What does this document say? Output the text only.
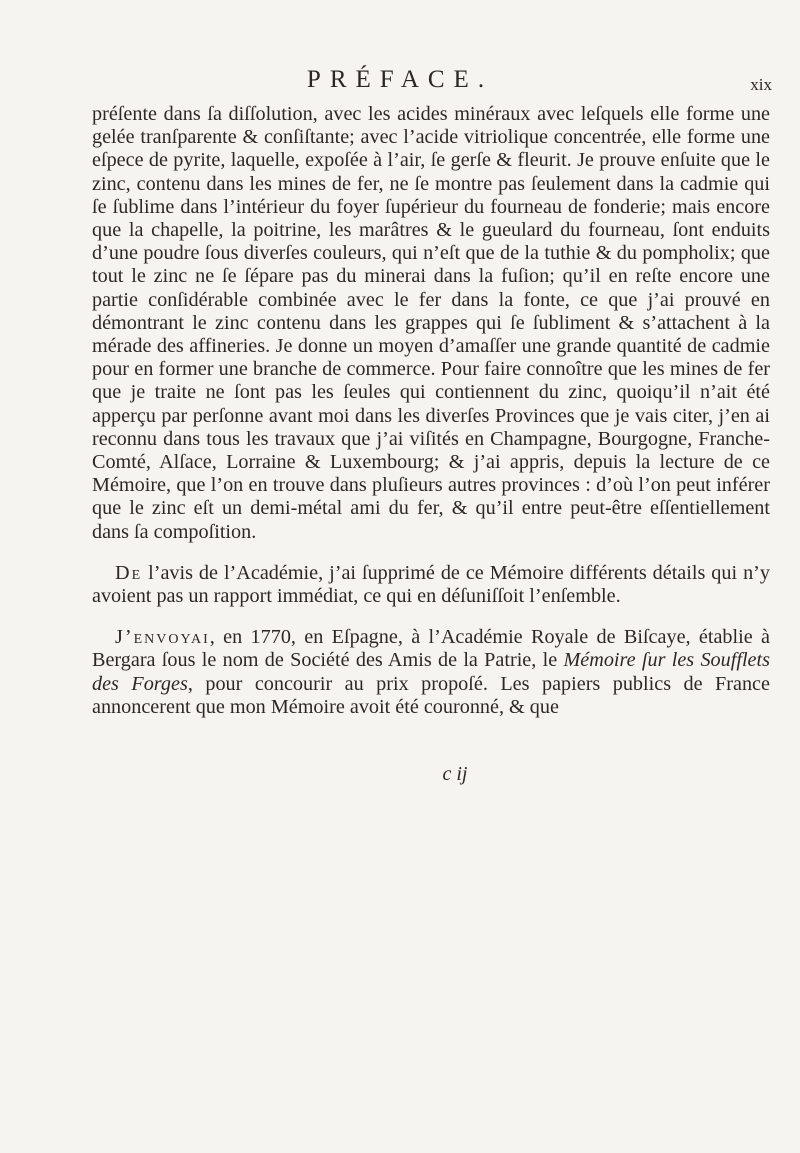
PRÉFACE.	xix

préſente dans ſa diſſolution, avec les acides minéraux avec leſquels elle forme une gelée tranſparente & conſiſtante; avec l’acide vitriolique concentrée, elle forme une eſpece de pyrite, laquelle, expoſée à l’air, ſe gerſe & fleurit. Je prouve enſuite que le zinc, contenu dans les mines de fer, ne ſe montre pas ſeulement dans la cadmie qui ſe ſublime dans l’intérieur du foyer ſupérieur du fourneau de fonderie; mais encore que la chapelle, la poitrine, les marâtres & le gueulard du fourneau, ſont enduits d’une poudre ſous diverſes couleurs, qui n’eſt que de la tuthie & du pompholix; que tout le zinc ne ſe ſépare pas du minerai dans la fuſion; qu’il en reſte encore une partie conſidérable combinée avec le fer dans la fonte, ce que j’ai prouvé en démontrant le zinc contenu dans les grappes qui ſe ſubliment & s’attachent à la mérade des affineries. Je donne un moyen d’amaſſer une grande quantité de cadmie pour en former une branche de commerce. Pour faire connoître que les mines de fer que je traite ne ſont pas les ſeules qui contiennent du zinc, quoiqu’il n’ait été apperçu par perſonne avant moi dans les diverſes Provinces que je vais citer, j’en ai reconnu dans tous les travaux que j’ai viſités en Champagne, Bourgogne, Franche-Comté, Alſace, Lorraine & Luxembourg; & j’ai appris, depuis la lecture de ce Mémoire, que l’on en trouve dans pluſieurs autres provinces : d’où l’on peut inférer que le zinc eſt un demi-métal ami du fer, & qu’il entre peut-être eſſentiellement dans ſa compoſition.

De l’avis de l’Académie, j’ai ſupprimé de ce Mémoire différents détails qui n’y avoient pas un rapport immédiat, ce qui en déſuniſſoit l’enſemble.

J’envoyai, en 1770, en Eſpagne, à l’Académie Royale de Biſcaye, établie à Bergara ſous le nom de Société des Amis de la Patrie, le Mémoire ſur les Soufflets des Forges, pour concourir au prix propoſé. Les papiers publics de France annoncerent que mon Mémoire avoit été couronné, & que

c ij
